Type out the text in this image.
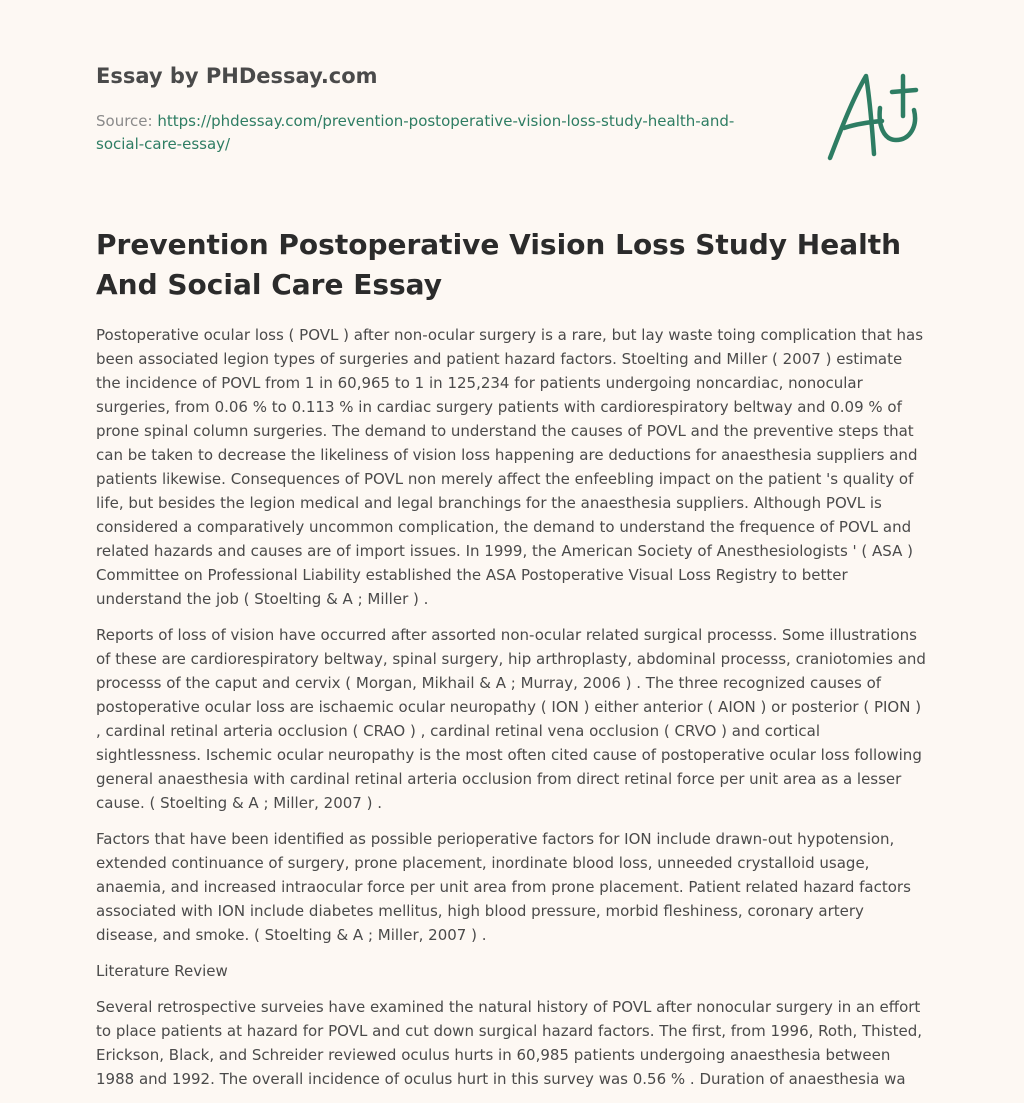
Essay by PHDessay.com

Source: https://phdessay.com/prevention-postoperative-vision-loss-study-health-and-social-care-essay/

Prevention Postoperative Vision Loss Study Health And Social Care Essay

Postoperative ocular loss ( POVL ) after non-ocular surgery is a rare, but lay waste toing complication that has been associated legion types of surgeries and patient hazard factors. Stoelting and Miller ( 2007 ) estimate the incidence of POVL from 1 in 60,965 to 1 in 125,234 for patients undergoing noncardiac, nonocular surgeries, from 0.06 % to 0.113 % in cardiac surgery patients with cardiorespiratory beltway and 0.09 % of prone spinal column surgeries. The demand to understand the causes of POVL and the preventive steps that can be taken to decrease the likeliness of vision loss happening are deductions for anaesthesia suppliers and patients likewise. Consequences of POVL non merely affect the enfeebling impact on the patient 's quality of life, but besides the legion medical and legal branchings for the anaesthesia suppliers. Although POVL is considered a comparatively uncommon complication, the demand to understand the frequence of POVL and related hazards and causes are of import issues. In 1999, the American Society of Anesthesiologists ' ( ASA ) Committee on Professional Liability established the ASA Postoperative Visual Loss Registry to better understand the job ( Stoelting & A ; Miller ) .

Reports of loss of vision have occurred after assorted non-ocular related surgical processs. Some illustrations of these are cardiorespiratory beltway, spinal surgery, hip arthroplasty, abdominal processs, craniotomies and processs of the caput and cervix ( Morgan, Mikhail & A ; Murray, 2006 ) . The three recognized causes of postoperative ocular loss are ischaemic ocular neuropathy ( ION ) either anterior ( AION ) or posterior ( PION ) , cardinal retinal arteria occlusion ( CRAO ) , cardinal retinal vena occlusion ( CRVO ) and cortical sightlessness. Ischemic ocular neuropathy is the most often cited cause of postoperative ocular loss following general anaesthesia with cardinal retinal arteria occlusion from direct retinal force per unit area as a lesser cause. ( Stoelting & A ; Miller, 2007 ) .

Factors that have been identified as possible perioperative factors for ION include drawn-out hypotension, extended continuance of surgery, prone placement, inordinate blood loss, unneeded crystalloid usage, anaemia, and increased intraocular force per unit area from prone placement. Patient related hazard factors associated with ION include diabetes mellitus, high blood pressure, morbid fleshiness, coronary artery disease, and smoke. ( Stoelting & A ; Miller, 2007 ) .

Literature Review

Several retrospective surveies have examined the natural history of POVL after nonocular surgery in an effort to place patients at hazard for POVL and cut down surgical hazard factors. The first, from 1996, Roth, Thisted, Erickson, Black, and Schreider reviewed oculus hurts in 60,985 patients undergoing anaesthesia between 1988 and 1992. The overall incidence of oculus hurt in this survey was 0.56 % . Duration of anaesthesia wa
